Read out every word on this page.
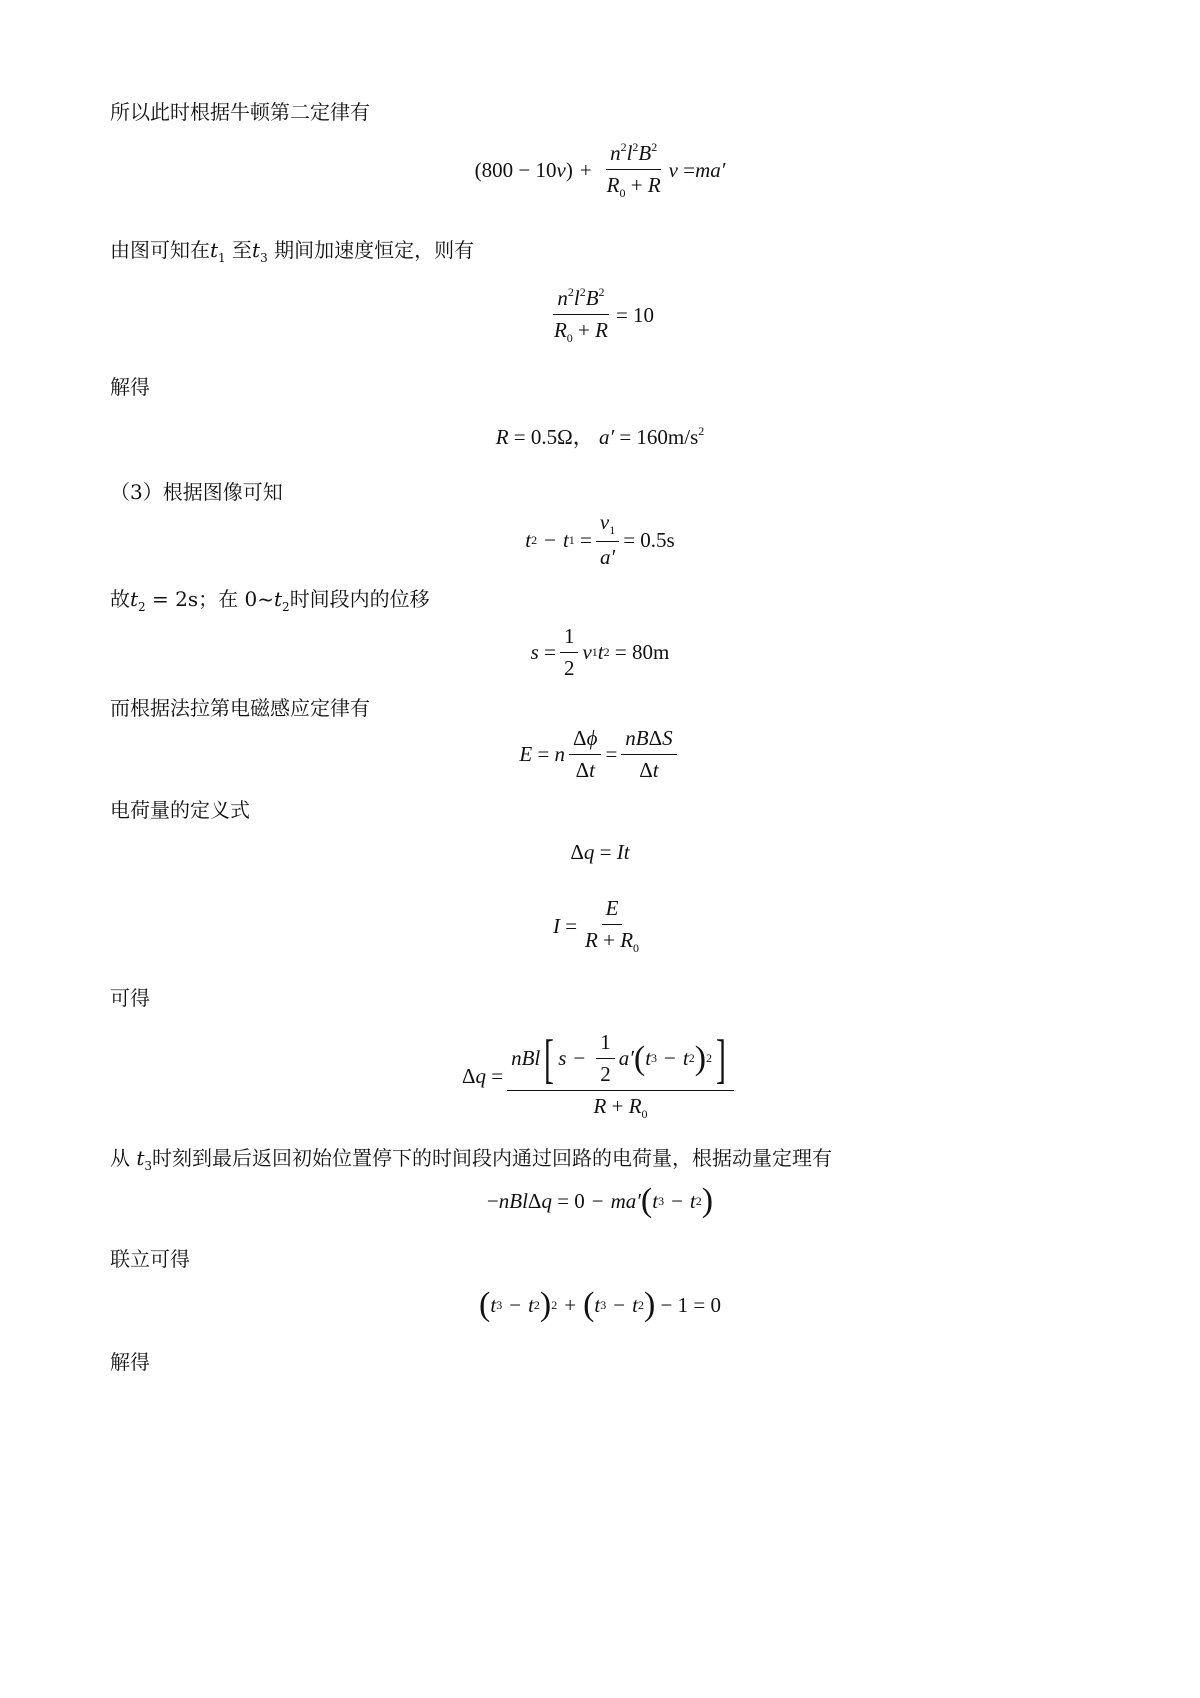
所以此时根据牛顿第二定律有
(800 − 10 v ) + $\frac{n^2l^2B^2}{R_0 + R}$ v
= ma′
由图可知在$t_1$ 至$t_3$ 期间加速度恒定，则有
$\frac{n^2l^2B^2}{R_0 + R} = 10$
解得
R = 0.5Ω， $a' = 160m/s^2$
（3）根据图像可知
t 2 − t $1 = \frac{v_1}{a'} = 0.5s$
故$t_2 = 2s$；在 $0\sim t_2$时间段内的位移
$s = \frac{1}{2}$ v 1 t 2
= 80m
而根据法拉第电磁感应定律有
E = n $\frac{\Delta\phi}{\Delta t} = \frac{\text{nBΔS}}{\Delta t}$
电荷量的定义式
Δq = It
$I = \frac{E}{R + R_0}$
可得
Δ $q = \frac{nBl [ s - \frac{1}{2} a' ( t 3 - t 2 ) 2 ]}{R + R_0}$
从 $t_3$时刻到最后返回初始位置停下的时间段内通过回路的电荷量，根据动量定理有
− nBl Δ q = 0 − ma′ ( t 3 − t 2 )
联立可得
( t 3 − t 2 ) 2 + ( t 3 − t 2 )
− 1 = 0
解得
